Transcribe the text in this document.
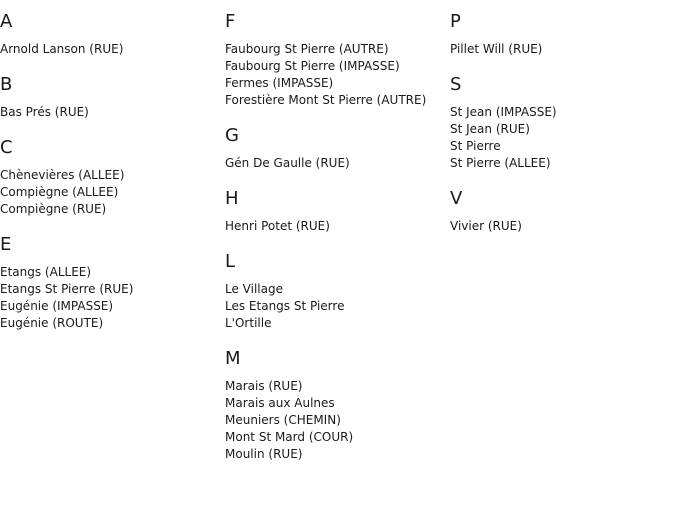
A
Arnold Lanson (RUE)
B
Bas Prés (RUE)
C
Chènevières (ALLEE)
Compiègne (ALLEE)
Compiègne (RUE)
E
Etangs (ALLEE)
Etangs St Pierre (RUE)
Eugénie (IMPASSE)
Eugénie (ROUTE)
F
Faubourg St Pierre (AUTRE)
Faubourg St Pierre (IMPASSE)
Fermes (IMPASSE)
Forestière Mont St Pierre (AUTRE)
G
Gén De Gaulle (RUE)
H
Henri Potet (RUE)
L
Le Village
Les Etangs St Pierre
L'Ortille
M
Marais (RUE)
Marais aux Aulnes
Meuniers (CHEMIN)
Mont St Mard (COUR)
Moulin (RUE)
P
Pillet Will (RUE)
S
St Jean (IMPASSE)
St Jean (RUE)
St Pierre
St Pierre (ALLEE)
V
Vivier (RUE)
